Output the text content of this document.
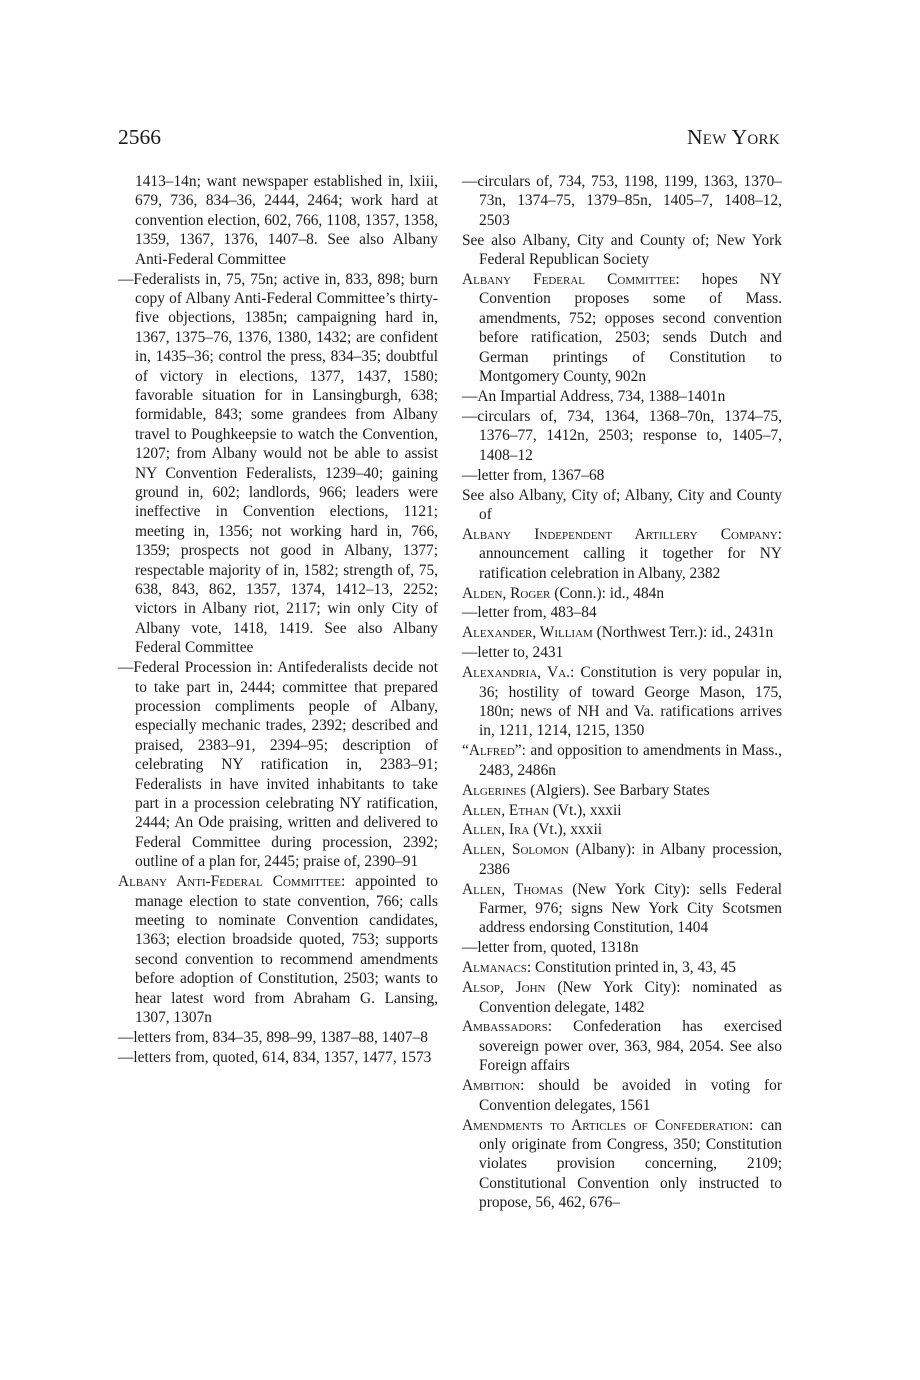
2566	New York

1413–14n; want newspaper established in, lxiii, 679, 736, 834–36, 2444, 2464; work hard at convention election, 602, 766, 1108, 1357, 1358, 1359, 1367, 1376, 1407–8. See also Albany Anti-Federal Committee

—Federalists in, 75, 75n; active in, 833, 898; burn copy of Albany Anti-Federal Committee’s thirty-five objections, 1385n; campaigning hard in, 1367, 1375–76, 1376, 1380, 1432; are confident in, 1435–36; control the press, 834–35; doubtful of victory in elections, 1377, 1437, 1580; favorable situation for in Lansingburgh, 638; formidable, 843; some grandees from Albany travel to Poughkeepsie to watch the Convention, 1207; from Albany would not be able to assist NY Convention Federalists, 1239–40; gaining ground in, 602; landlords, 966; leaders were ineffective in Convention elections, 1121; meeting in, 1356; not working hard in, 766, 1359; prospects not good in Albany, 1377; respectable majority of in, 1582; strength of, 75, 638, 843, 862, 1357, 1374, 1412–13, 2252; victors in Albany riot, 2117; win only City of Albany vote, 1418, 1419. See also Albany Federal Committee

—Federal Procession in: Antifederalists decide not to take part in, 2444; committee that prepared procession compliments people of Albany, especially mechanic trades, 2392; described and praised, 2383–91, 2394–95; description of celebrating NY ratification in, 2383–91; Federalists in have invited inhabitants to take part in a procession celebrating NY ratification, 2444; An Ode praising, written and delivered to Federal Committee during procession, 2392; outline of a plan for, 2445; praise of, 2390–91

Albany Anti-Federal Committee: appointed to manage election to state convention, 766; calls meeting to nominate Convention candidates, 1363; election broadside quoted, 753; supports second convention to recommend amendments before adoption of Constitution, 2503; wants to hear latest word from Abraham G. Lansing, 1307, 1307n

—letters from, 834–35, 898–99, 1387–88, 1407–8

—letters from, quoted, 614, 834, 1357, 1477, 1573

—circulars of, 734, 753, 1198, 1199, 1363, 1370–73n, 1374–75, 1379–85n, 1405–7, 1408–12, 2503

See also Albany, City and County of; New York Federal Republican Society

Albany Federal Committee: hopes NY Convention proposes some of Mass. amendments, 752; opposes second convention before ratification, 2503; sends Dutch and German printings of Constitution to Montgomery County, 902n

—An Impartial Address, 734, 1388–1401n

—circulars of, 734, 1364, 1368–70n, 1374–75, 1376–77, 1412n, 2503; response to, 1405–7, 1408–12

—letter from, 1367–68

See also Albany, City of; Albany, City and County of

Albany Independent Artillery Company: announcement calling it together for NY ratification celebration in Albany, 2382

Alden, Roger (Conn.): id., 484n

—letter from, 483–84

Alexander, William (Northwest Terr.): id., 2431n

—letter to, 2431

Alexandria, Va.: Constitution is very popular in, 36; hostility of toward George Mason, 175, 180n; news of NH and Va. ratifications arrives in, 1211, 1214, 1215, 1350

“Alfred”: and opposition to amendments in Mass., 2483, 2486n

Algerines (Algiers). See Barbary States

Allen, Ethan (Vt.), xxxii

Allen, Ira (Vt.), xxxii

Allen, Solomon (Albany): in Albany procession, 2386

Allen, Thomas (New York City): sells Federal Farmer, 976; signs New York City Scotsmen address endorsing Constitution, 1404

—letter from, quoted, 1318n

Almanacs: Constitution printed in, 3, 43, 45

Alsop, John (New York City): nominated as Convention delegate, 1482

Ambassadors: Confederation has exercised sovereign power over, 363, 984, 2054. See also Foreign affairs

Ambition: should be avoided in voting for Convention delegates, 1561

Amendments to Articles of Confederation: can only originate from Congress, 350; Constitution violates provision concerning, 2109; Constitutional Convention only instructed to propose, 56, 462, 676–
